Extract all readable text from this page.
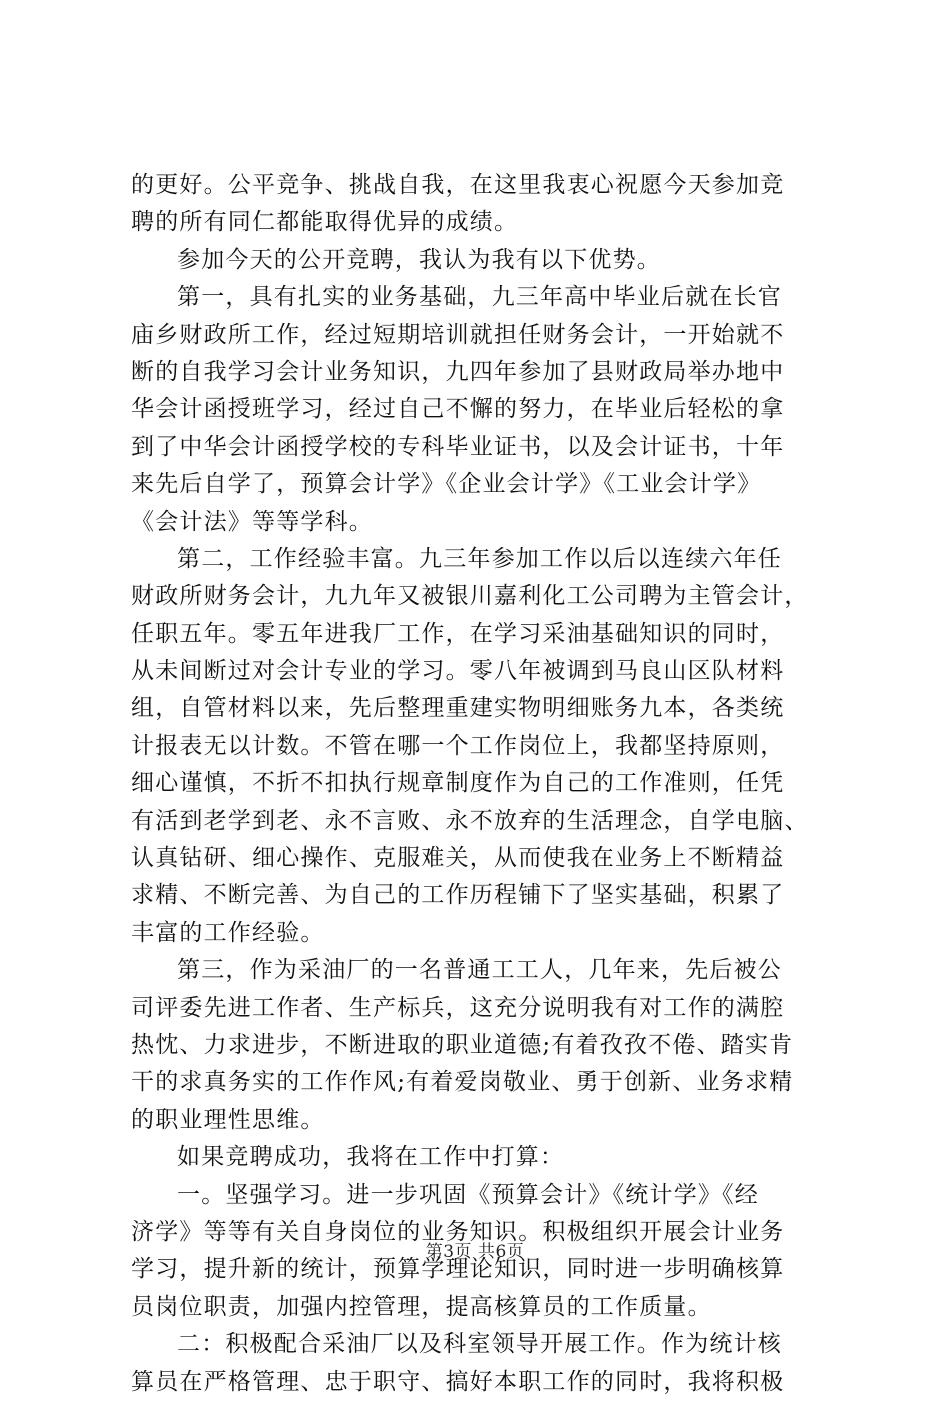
的更好。公平竞争、挑战自我，在这里我衷心祝愿今天参加竞
聘的所有同仁都能取得优异的成绩。
参加今天的公开竞聘，我认为我有以下优势。
第一，具有扎实的业务基础，九三年高中毕业后就在长官
庙乡财政所工作，经过短期培训就担任财务会计，一开始就不
断的自我学习会计业务知识，九四年参加了县财政局举办地中
华会计函授班学习，经过自己不懈的努力，在毕业后轻松的拿
到了中华会计函授学校的专科毕业证书，以及会计证书，十年
来先后自学了，预算会计学》《企业会计学》《工业会计学》
《会计法》等等学科。
第二，工作经验丰富。九三年参加工作以后以连续六年任
财政所财务会计，九九年又被银川嘉利化工公司聘为主管会计，
任职五年。零五年进我厂工作，在学习采油基础知识的同时，
从未间断过对会计专业的学习。零八年被调到马良山区队材料
组，自管材料以来，先后整理重建实物明细账务九本，各类统
计报表无以计数。不管在哪一个工作岗位上，我都坚持原则，
细心谨慎，不折不扣执行规章制度作为自己的工作准则，任凭
有活到老学到老、永不言败、永不放弃的生活理念，自学电脑、
认真钻研、细心操作、克服难关，从而使我在业务上不断精益
求精、不断完善、为自己的工作历程铺下了坚实基础，积累了
丰富的工作经验。
第三，作为采油厂的一名普通工工人，几年来，先后被公
司评委先进工作者、生产标兵，这充分说明我有对工作的满腔
热忱、力求进步，不断进取的职业道德;有着孜孜不倦、踏实肯
干的求真务实的工作作风;有着爱岗敬业、勇于创新、业务求精
的职业理性思维。
如果竞聘成功，我将在工作中打算：
一。坚强学习。进一步巩固《预算会计》《统计学》《经
济学》等等有关自身岗位的业务知识。积极组织开展会计业务
学习，提升新的统计，预算学理论知识，同时进一步明确核算
员岗位职责，加强内控管理，提高核算员的工作质量。
二：积极配合采油厂以及科室领导开展工作。作为统计核
算员在严格管理、忠于职守、搞好本职工作的同时，我将积极
第3页 共6页
